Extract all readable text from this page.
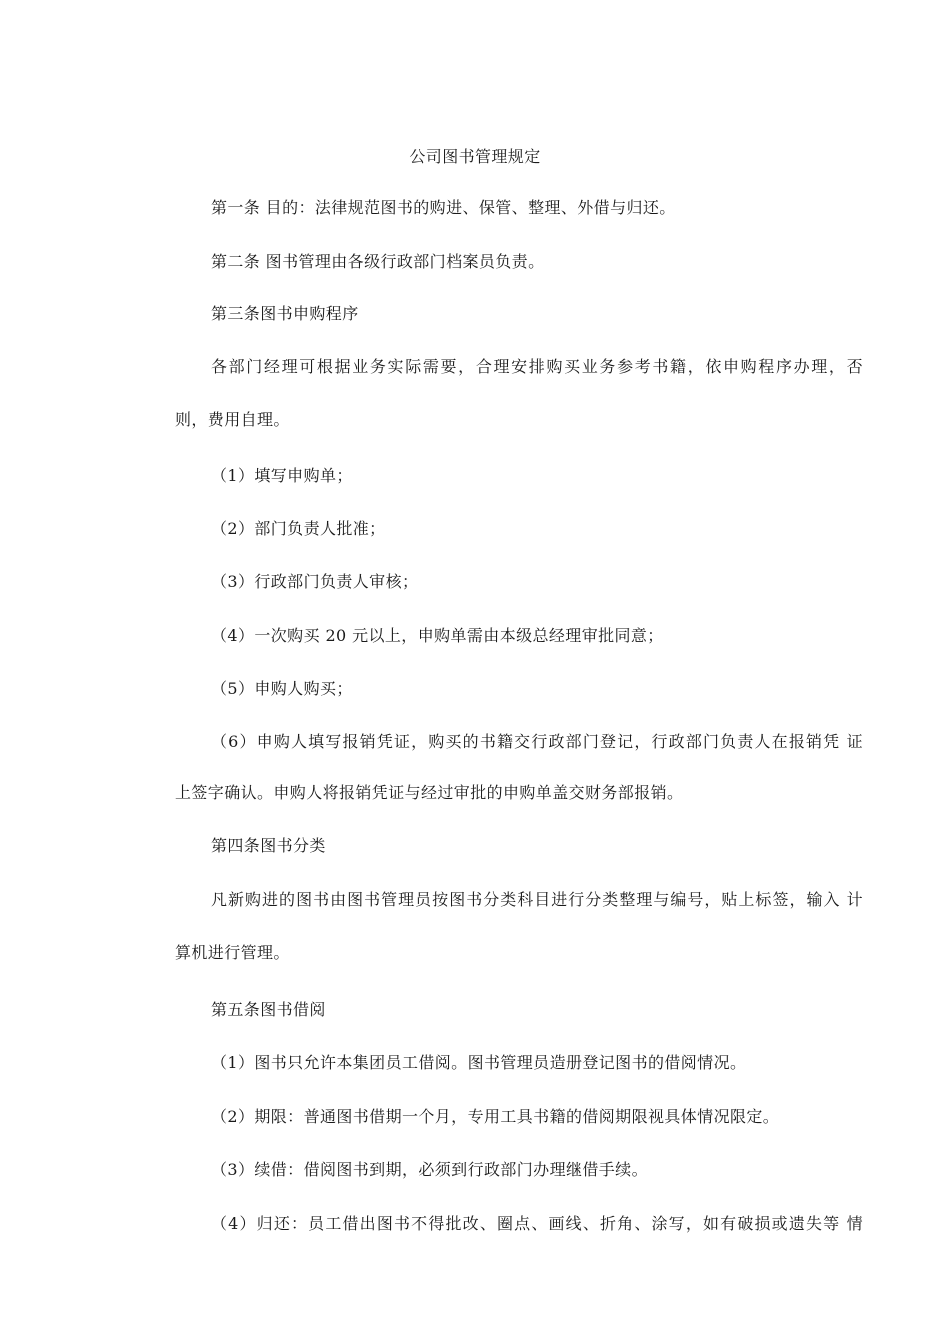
公司图书管理规定
第一条 目的：法律规范图书的购进、保管、整理、外借与归还。
第二条 图书管理由各级行政部门档案员负责。
第三条图书申购程序
各部门经理可根据业务实际需要，合理安排购买业务参考书籍，依申购程序办理，否
则，费用自理。
（1）填写申购单；
（2）部门负责人批准；
（3）行政部门负责人审核；
（4）一次购买 20 元以上，申购单需由本级总经理审批同意；
（5）申购人购买；
（6）申购人填写报销凭证，购买的书籍交行政部门登记，行政部门负责人在报销凭 证
上签字确认。申购人将报销凭证与经过审批的申购单盖交财务部报销。
第四条图书分类
凡新购进的图书由图书管理员按图书分类科目进行分类整理与编号，贴上标签，输入 计
算机进行管理。
第五条图书借阅
（1）图书只允许本集团员工借阅。图书管理员造册登记图书的借阅情况。
（2）期限：普通图书借期一个月，专用工具书籍的借阅期限视具体情况限定。
（3）续借：借阅图书到期，必须到行政部门办理继借手续。
（4）归还：员工借出图书不得批改、圈点、画线、折角、涂写，如有破损或遗失等 情
